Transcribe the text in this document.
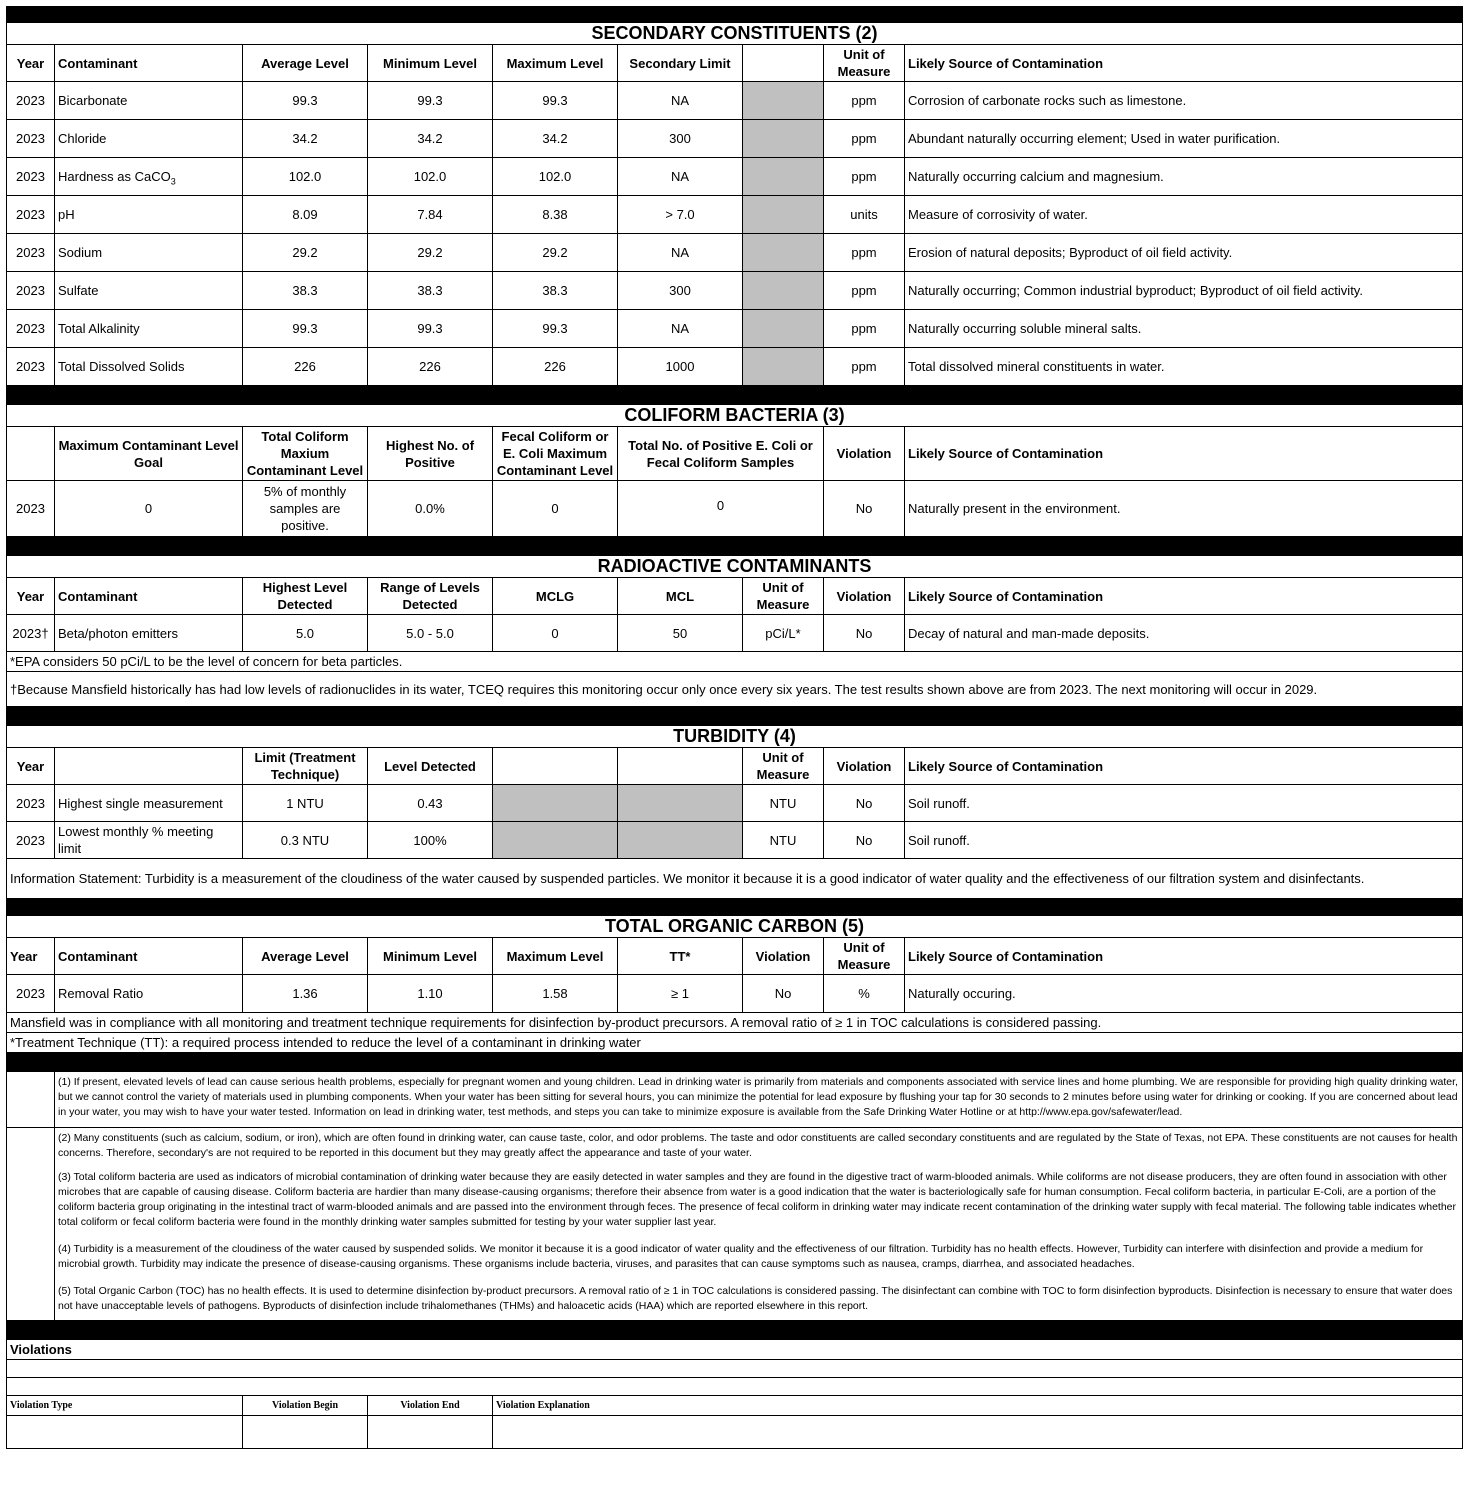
SECONDARY CONSTITUENTS (2)								
Year	Contaminant	Average Level	Minimum Level	Maximum Level	Secondary Limit		Unit of Measure	Likely Source of Contamination
2023	Bicarbonate	99.3	99.3	99.3	NA		ppm	Corrosion of carbonate rocks such as limestone.
2023	Chloride	34.2	34.2	34.2	300		ppm	Abundant naturally occurring element; Used in water purification.
2023	Hardness as CaCO$_3$	102.0	102.0	102.0	NA		ppm	Naturally occurring calcium and magnesium.
2023	pH	8.09	7.84	8.38	> 7.0		units	Measure of corrosivity of water.
2023	Sodium	29.2	29.2	29.2	NA		ppm	Erosion of natural deposits; Byproduct of oil field activity.
2023	Sulfate	38.3	38.3	38.3	300		ppm	Naturally occurring; Common industrial byproduct; Byproduct of oil field activity.
2023	Total Alkalinity	99.3	99.3	99.3	NA		ppm	Naturally occurring soluble mineral salts.
2023	Total Dissolved Solids	226	226	226	1000		ppm	Total dissolved mineral constituents in water.

COLIFORM BACTERIA (3)								
	Maximum Contaminant Level Goal	Total Coliform Maxium Contaminant Level	Highest No. of Positive	Fecal Coliform or E. Coli Maximum Contaminant Level	Total No. of Positive E. Coli or Fecal Coliform Samples		Violation	Likely Source of Contamination
2023	0	5% of monthly samples are positive.	0.0%	0	0		No	Naturally present in the environment.

RADIOACTIVE CONTAMINANTS								
Year	Contaminant	Highest Level Detected	Range of Levels Detected	MCLG	MCL	Unit of Measure	Violation	Likely Source of Contamination
2023†	Beta/photon emitters	5.0	5.0 - 5.0	0	50	pCi/L*	No	Decay of natural and man-made deposits.
*EPA considers 50 pCi/L to be the level of concern for beta particles.								
†Because Mansfield historically has had low levels of radionuclides in its water, TCEQ requires this monitoring occur only once every six years. The test results shown above are from 2023. The next monitoring will occur in 2029.								

TURBIDITY (4)								
Year		Limit (Treatment Technique)	Level Detected			Unit of Measure	Violation	Likely Source of Contamination
2023	Highest single measurement	1 NTU	0.43			NTU	No	Soil runoff.
2023	Lowest monthly % meeting limit	0.3 NTU	100%			NTU	No	Soil runoff.
Information Statement: Turbidity is a measurement of the cloudiness of the water caused by suspended particles. We monitor it because it is a good indicator of water quality and the effectiveness of our filtration system and disinfectants.								

TOTAL ORGANIC CARBON (5)								
Year	Contaminant	Average Level	Minimum Level	Maximum Level	TT*	Violation	Unit of Measure	Likely Source of Contamination
2023	Removal Ratio	1.36	1.10	1.58	≥ 1	No	%	Naturally occuring.
Mansfield was in compliance with all monitoring and treatment technique requirements for disinfection by-product precursors. A removal ratio of ≥ 1 in TOC calculations is considered passing.								
*Treatment Technique (TT): a required process intended to reduce the level of a contaminant in drinking water								

	(1) If present, elevated levels of lead can cause serious health problems, especially for pregnant women and young children. Lead in drinking water is primarily from materials and components associated with service lines and home plumbing. We are responsible for providing high quality drinking water, but we cannot control the variety of materials used in plumbing components. When your water has been sitting for several hours, you can minimize the potential for lead exposure by flushing your tap for 30 seconds to 2 minutes before using water for drinking or cooking. If you are concerned about lead in your water, you may wish to have your water tested. Information on lead in drinking water, test methods, and steps you can take to minimize exposure is available from the Safe Drinking Water Hotline or at http://www.epa.gov/safewater/lead.							
	(2) Many constituents (such as calcium, sodium, or iron), which are often found in drinking water, can cause taste, color, and odor problems. The taste and odor constituents are called secondary constituents and are regulated by the State of Texas, not EPA. These constituents are not causes for health concerns. Therefore, secondary's are not required to be reported in this document but they may greatly affect the appearance and taste of your water.							
	(3) Total coliform bacteria are used as indicators of microbial contamination of drinking water because they are easily detected in water samples and they are found in the digestive tract of warm-blooded animals. While coliforms are not disease producers, they are often found in association with other microbes that are capable of causing disease. Coliform bacteria are hardier than many disease-causing organisms; therefore their absence from water is a good indication that the water is bacteriologically safe for human consumption. Fecal coliform bacteria, in particular E-Coli, are a portion of the coliform bacteria group originating in the intestinal tract of warm-blooded animals and are passed into the environment through feces. The presence of fecal coliform in drinking water may indicate recent contamination of the drinking water supply with fecal material. The following table indicates whether total coliform or fecal coliform bacteria were found in the monthly drinking water samples submitted for testing by your water supplier last year.							
	(4) Turbidity is a measurement of the cloudiness of the water caused by suspended solids. We monitor it because it is a good indicator of water quality and the effectiveness of our filtration. Turbidity has no health effects. However, Turbidity can interfere with disinfection and provide a medium for microbial growth. Turbidity may indicate the presence of disease-causing organisms. These organisms include bacteria, viruses, and parasites that can cause symptoms such as nausea, cramps, diarrhea, and associated headaches.							
	(5) Total Organic Carbon (TOC) has no health effects. It is used to determine disinfection by-product precursors. A removal ratio of ≥ 1 in TOC calculations is considered passing. The disinfectant can combine with TOC to form disinfection byproducts. Disinfection is necessary to ensure that water does not have unacceptable levels of pathogens. Byproducts of disinfection include trihalomethanes (THMs) and haloacetic acids (HAA) which are reported elsewhere in this report.							

Violations								

Violation Type		Violation Begin	Violation End	Violation Explanation				
